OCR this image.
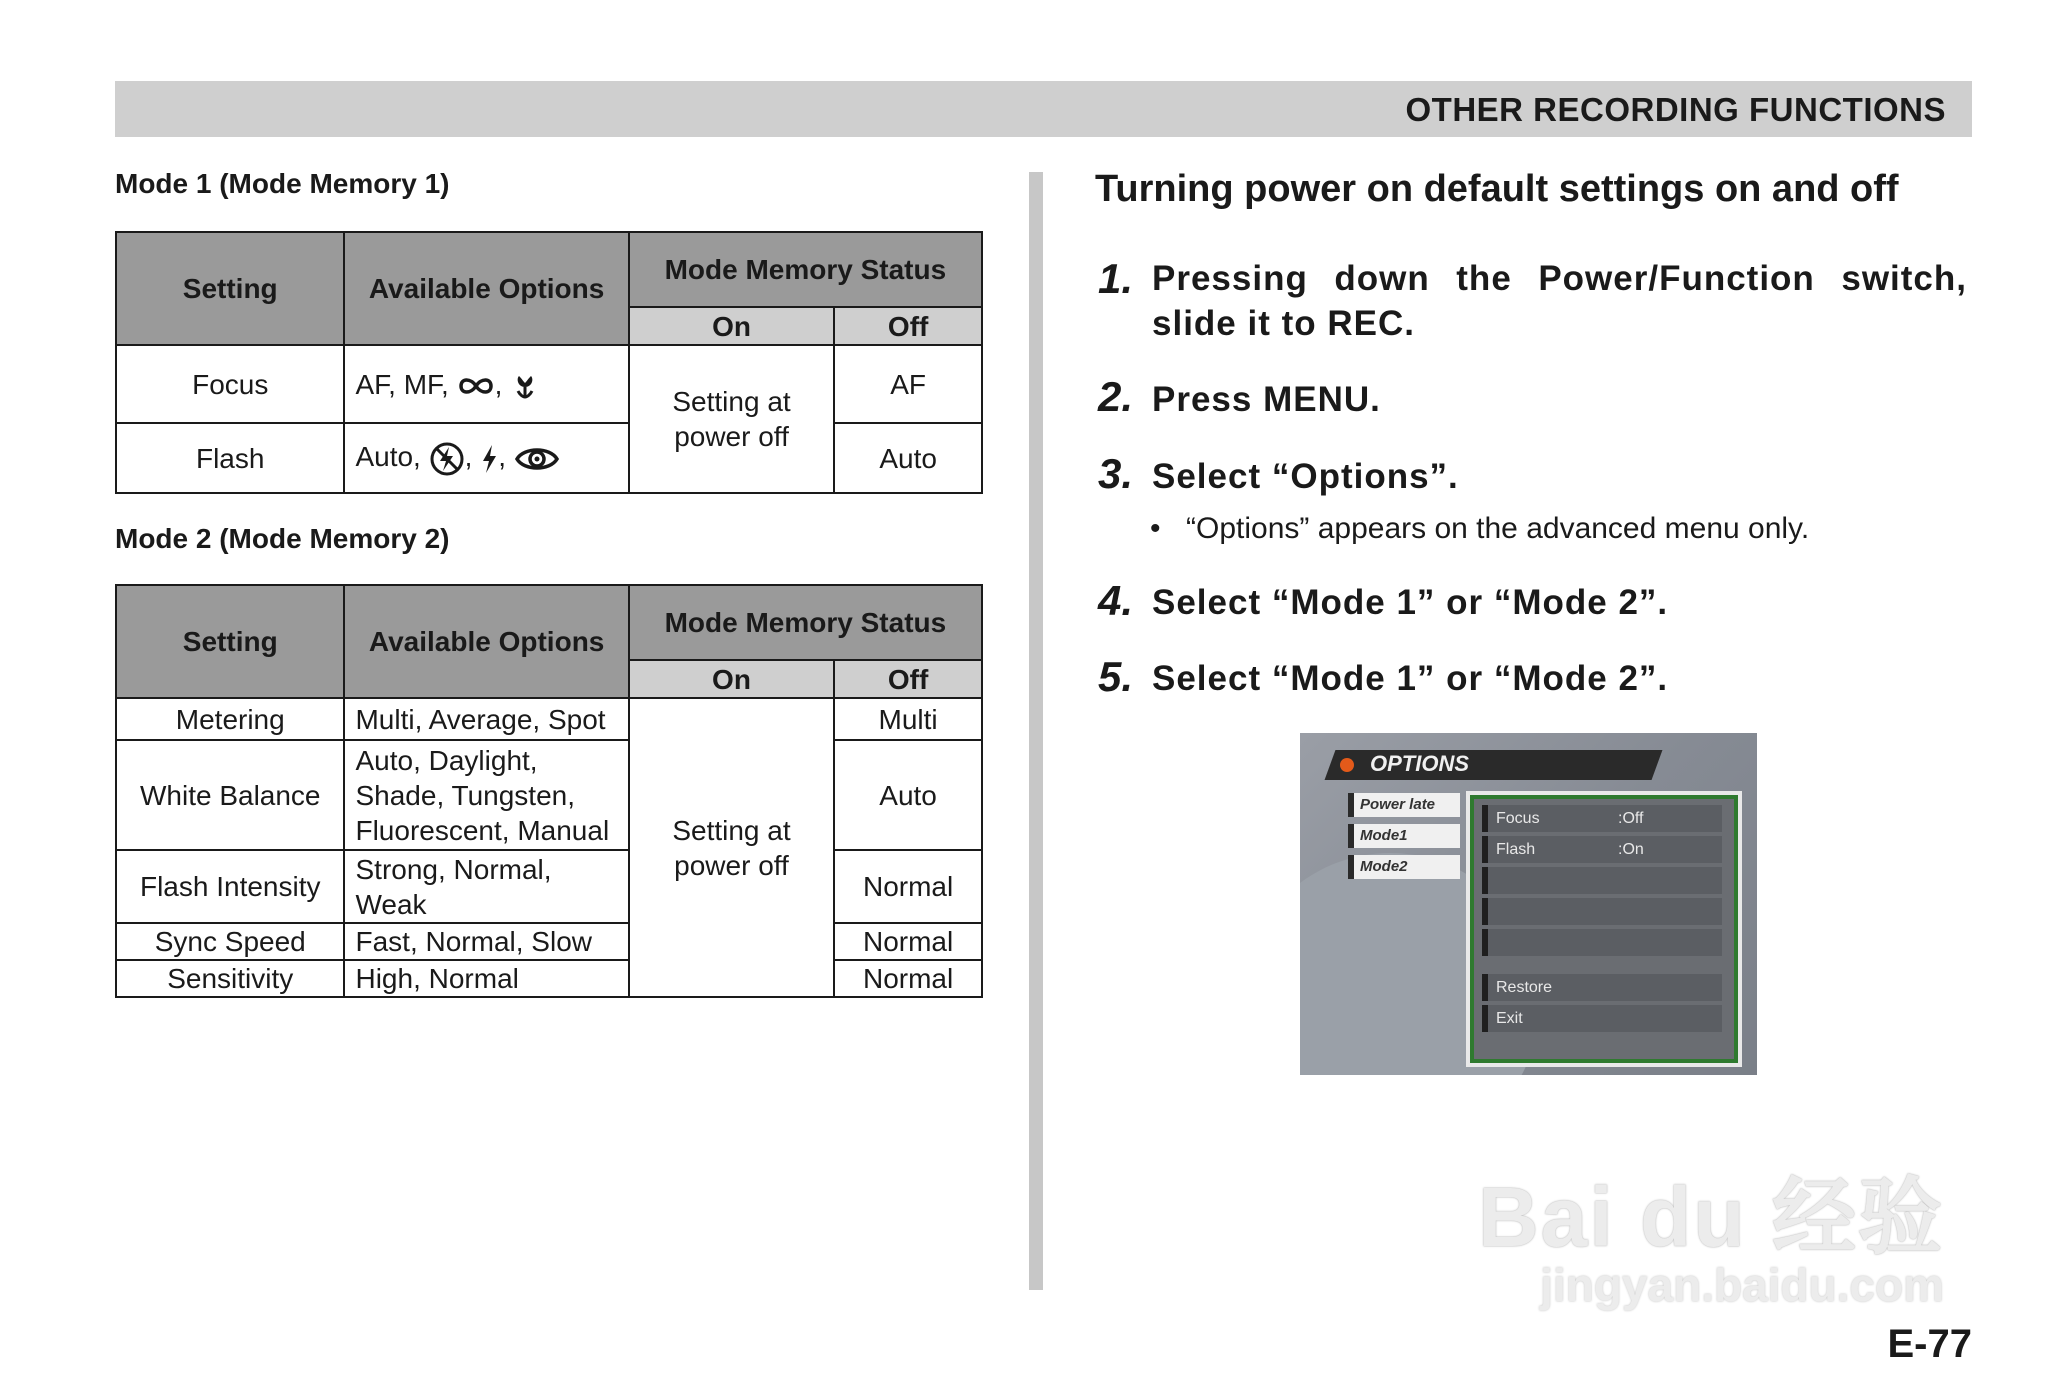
OTHER RECORDING FUNCTIONS
Mode 1 (Mode Memory 1)
Setting	Available Options	Mode Memory Status	
		On	Off
Focus	AF, MF, ,	Setting at power off	AF
Flash	Auto, , ,		Auto
Mode 2 (Mode Memory 2)
Setting	Available Options	Mode Memory Status	
		On	Off
Metering	Multi, Average, Spot	Setting at power off	Multi
White Balance	Auto, Daylight, Shade, Tungsten, Fluorescent, Manual		Auto
Flash Intensity	Strong, Normal, Weak		Normal
Sync Speed	Fast, Normal, Slow		Normal
Sensitivity	High, Normal		Normal
Turning power on default settings on and off
1. Pressing down the Power/Function switch, slide it to REC.
2. Press MENU.
3. Select “Options”.
• “Options” appears on the advanced menu only.
4. Select “Mode 1” or “Mode 2”.
5. Select “Mode 1” or “Mode 2”.
OPTIONS
Power late
Mode1
Mode2
Focus	:Off
Flash	:On
Restore
Exit
Bai du 经验
jingyan.baidu.com
E-77
